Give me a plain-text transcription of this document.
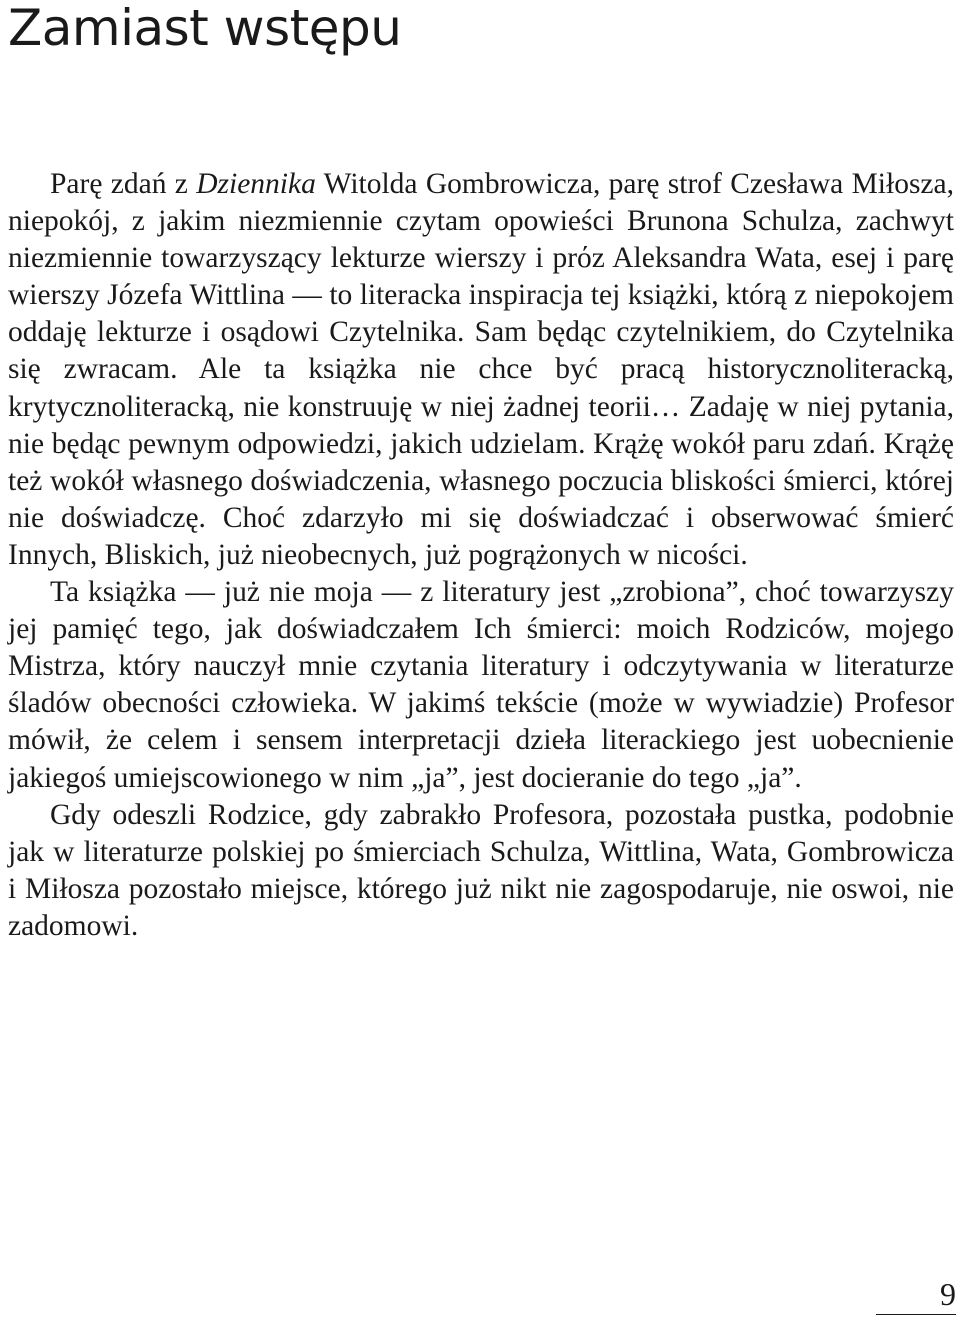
Zamiast wstępu

Parę zdań z Dziennika Witolda Gombrowicza, parę strof Czesława Miłosza, niepokój, z jakim niezmiennie czytam opowieści Brunona Schulza, zachwyt niezmiennie towarzyszący lekturze wierszy i prόz Aleksandra Wata, esej i parę wierszy Józefa Wittlina — to literacka inspiracja tej książki, którą z niepokojem oddaję lekturze i osądowi Czytelnika. Sam będąc czytelnikiem, do Czytelnika się zwracam. Ale ta książka nie chce być pracą historycznoliteracką, krytycznoliteracką, nie konstruuję w niej żadnej teorii… Zadaję w niej pytania, nie będąc pewnym odpowiedzi, jakich udzielam. Krążę wokół paru zdań. Krążę też wokół własnego doświadczenia, własnego poczucia bliskości śmierci, której nie doświadczę. Choć zdarzyło mi się doświadczać i obserwować śmierć Innych, Bliskich, już nieobecnych, już pogrążonych w nicości.

Ta książka — już nie moja — z literatury jest „zrobiona”, choć towarzyszy jej pamięć tego, jak doświadczałem Ich śmierci: moich Rodziców, mojego Mistrza, który nauczył mnie czytania literatury i odczytywania w literaturze śladów obecności człowieka. W jakimś tekście (może w wywiadzie) Profesor mówił, że celem i sensem interpretacji dzieła literackiego jest uobecnienie jakiegoś umiejscowionego w nim „ja”, jest docieranie do tego „ja”.

Gdy odeszli Rodzice, gdy zabrakło Profesora, pozostała pustka, podobnie jak w literaturze polskiej po śmierciach Schulza, Wittlina, Wata, Gombrowicza i Miłosza pozostało miejsce, którego już nikt nie zagospodaruje, nie oswoi, nie zadomowi.

9
